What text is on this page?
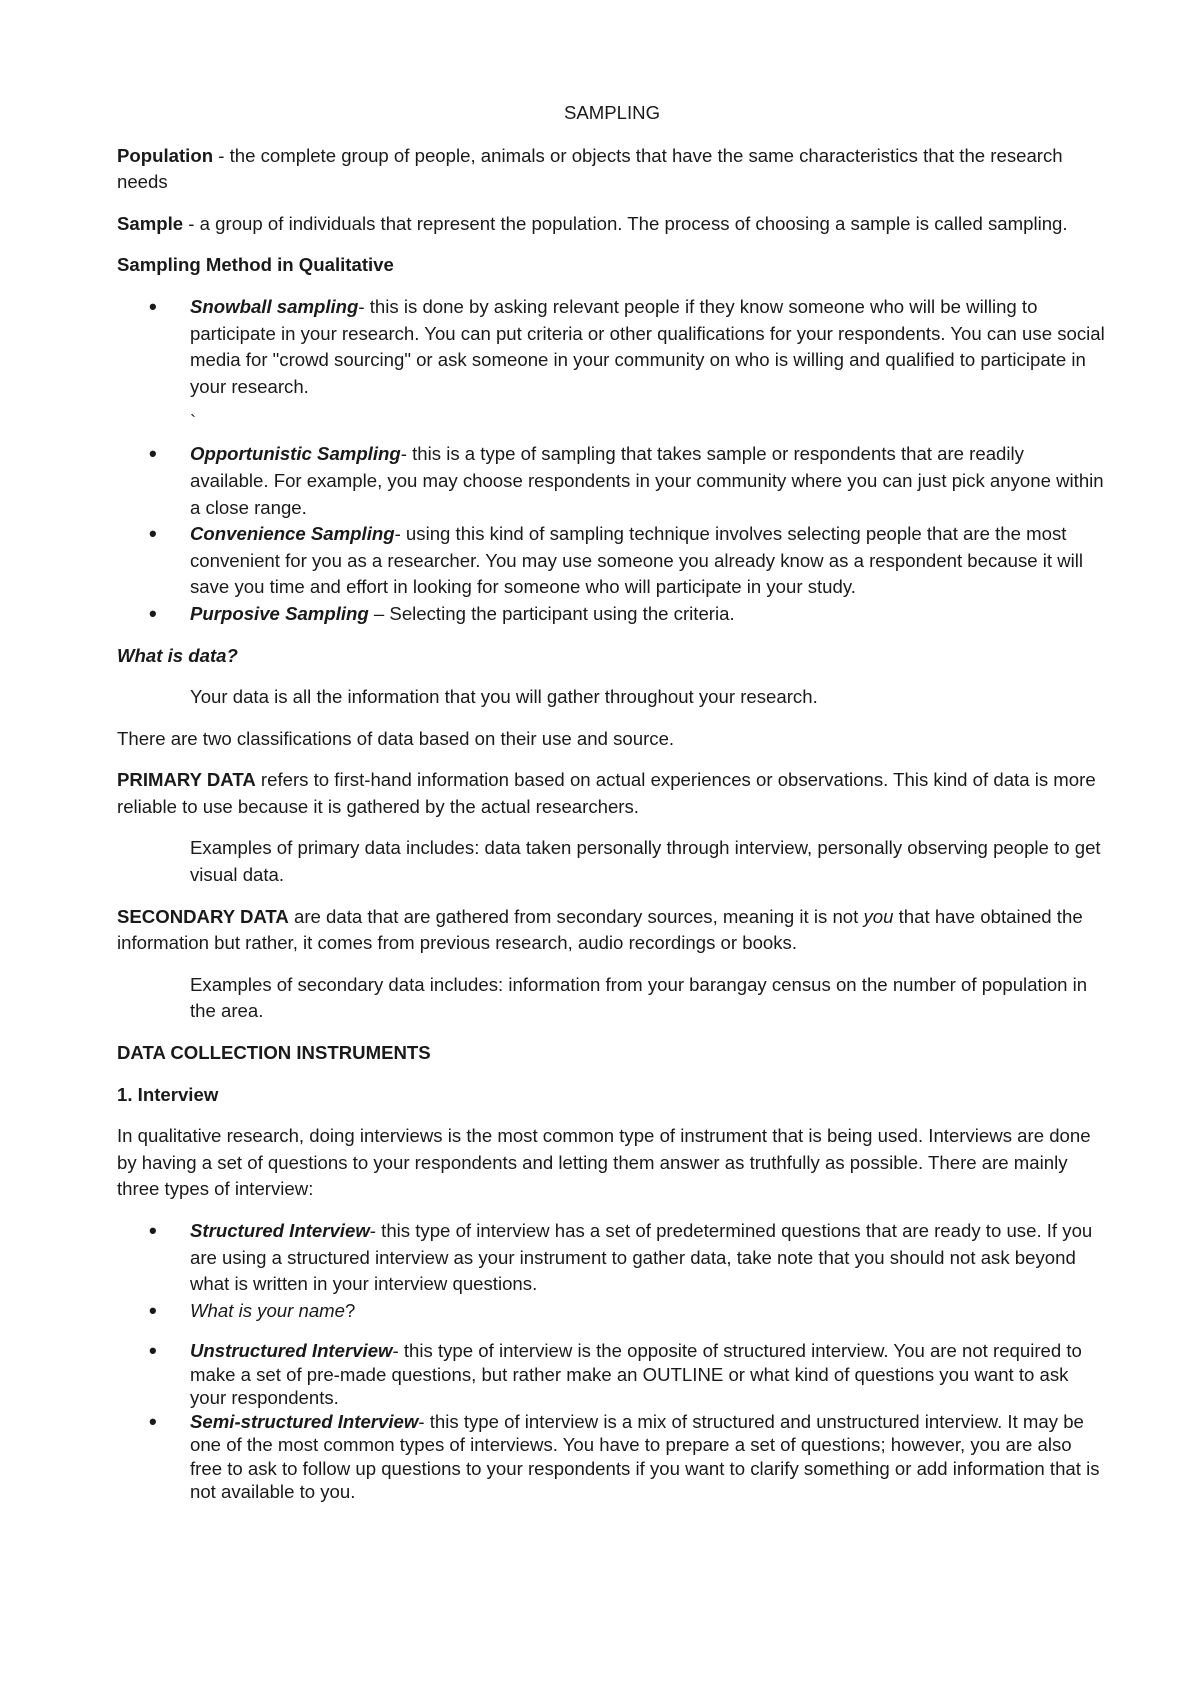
SAMPLING

Population - the complete group of people, animals or objects that have the same characteristics that the research needs

Sample - a group of individuals that represent the population. The process of choosing a sample is called sampling.

Sampling Method in Qualitative

• Snowball sampling- this is done by asking relevant people if they know someone who will be willing to participate in your research. You can put criteria or other qualifications for your respondents. You can use social media for "crowd sourcing" or ask someone in your community on who is willing and qualified to participate in your research.

`

• Opportunistic Sampling- this is a type of sampling that takes sample or respondents that are readily available. For example, you may choose respondents in your community where you can just pick anyone within a close range.
• Convenience Sampling- using this kind of sampling technique involves selecting people that are the most convenient for you as a researcher. You may use someone you already know as a respondent because it will save you time and effort in looking for someone who will participate in your study.
• Purposive Sampling – Selecting the participant using the criteria.

What is data?

Your data is all the information that you will gather throughout your research.

There are two classifications of data based on their use and source.

PRIMARY DATA refers to first-hand information based on actual experiences or observations. This kind of data is more reliable to use because it is gathered by the actual researchers.

Examples of primary data includes: data taken personally through interview, personally observing people to get visual data.

SECONDARY DATA are data that are gathered from secondary sources, meaning it is not you that have obtained the information but rather, it comes from previous research, audio recordings or books.

Examples of secondary data includes: information from your barangay census on the number of population in the area.

DATA COLLECTION INSTRUMENTS

1. Interview

In qualitative research, doing interviews is the most common type of instrument that is being used. Interviews are done by having a set of questions to your respondents and letting them answer as truthfully as possible. There are mainly three types of interview:

• Structured Interview- this type of interview has a set of predetermined questions that are ready to use. If you are using a structured interview as your instrument to gather data, take note that you should not ask beyond what is written in your interview questions.
• What is your name?
• Unstructured Interview- this type of interview is the opposite of structured interview. You are not required to make a set of pre-made questions, but rather make an OUTLINE or what kind of questions you want to ask your respondents.
• Semi-structured Interview- this type of interview is a mix of structured and unstructured interview. It may be one of the most common types of interviews. You have to prepare a set of questions; however, you are also free to ask to follow up questions to your respondents if you want to clarify something or add information that is not available to you.
